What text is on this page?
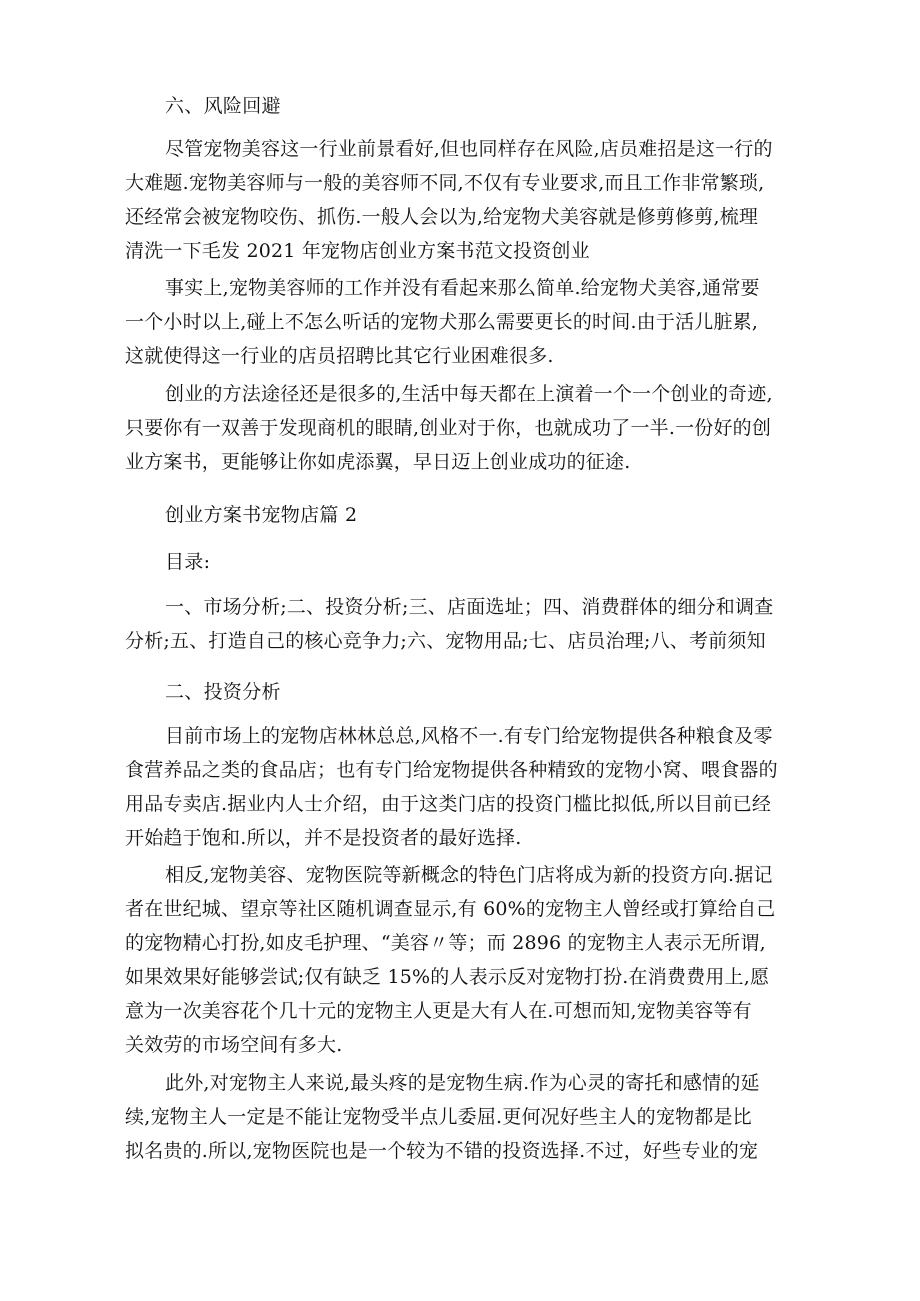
六、风险回避

尽管宠物美容这一行业前景看好,但也同样存在风险,店员难招是这一行的
大难题.宠物美容师与一般的美容师不同,不仅有专业要求,而且工作非常繁琐,
还经常会被宠物咬伤、抓伤.一般人会以为,给宠物犬美容就是修剪修剪,梳理
清洗一下毛发 2021 年宠物店创业方案书范文投资创业
事实上,宠物美容师的工作并没有看起来那么简单.给宠物犬美容,通常要
一个小时以上,碰上不怎么听话的宠物犬那么需要更长的时间.由于活儿脏累,
这就使得这一行业的店员招聘比其它行业困难很多.
创业的方法途径还是很多的,生活中每天都在上演着一个一个创业的奇迹,
只要你有一双善于发现商机的眼睛,创业对于你，也就成功了一半.一份好的创
业方案书，更能够让你如虎添翼，早日迈上创业成功的征途.

创业方案书宠物店篇 2

目录:

一、市场分析;二、投资分析;三、店面选址；四、消费群体的细分和调查
分析;五、打造自己的核心竞争力;六、宠物用品;七、店员治理;八、考前须知

二、投资分析

目前市场上的宠物店林林总总,风格不一.有专门给宠物提供各种粮食及零
食营养品之类的食品店；也有专门给宠物提供各种精致的宠物小窝、喂食器的
用品专卖店.据业内人士介绍，由于这类门店的投资门槛比拟低,所以目前已经
开始趋于饱和.所以，并不是投资者的最好选择.
相反,宠物美容、宠物医院等新概念的特色门店将成为新的投资方向.据记
者在世纪城、望京等社区随机调查显示,有 60%的宠物主人曾经或打算给自己
的宠物精心打扮,如皮毛护理、“美容〃等；而 2896 的宠物主人表示无所谓,
如果效果好能够尝试;仅有缺乏 15%的人表示反对宠物打扮.在消费费用上,愿
意为一次美容花个几十元的宠物主人更是大有人在.可想而知,宠物美容等有
关效劳的市场空间有多大.
此外,对宠物主人来说,最头疼的是宠物生病.作为心灵的寄托和感情的延
续,宠物主人一定是不能让宠物受半点儿委屈.更何况好些主人的宠物都是比
拟名贵的.所以,宠物医院也是一个较为不错的投资选择.不过，好些专业的宠
